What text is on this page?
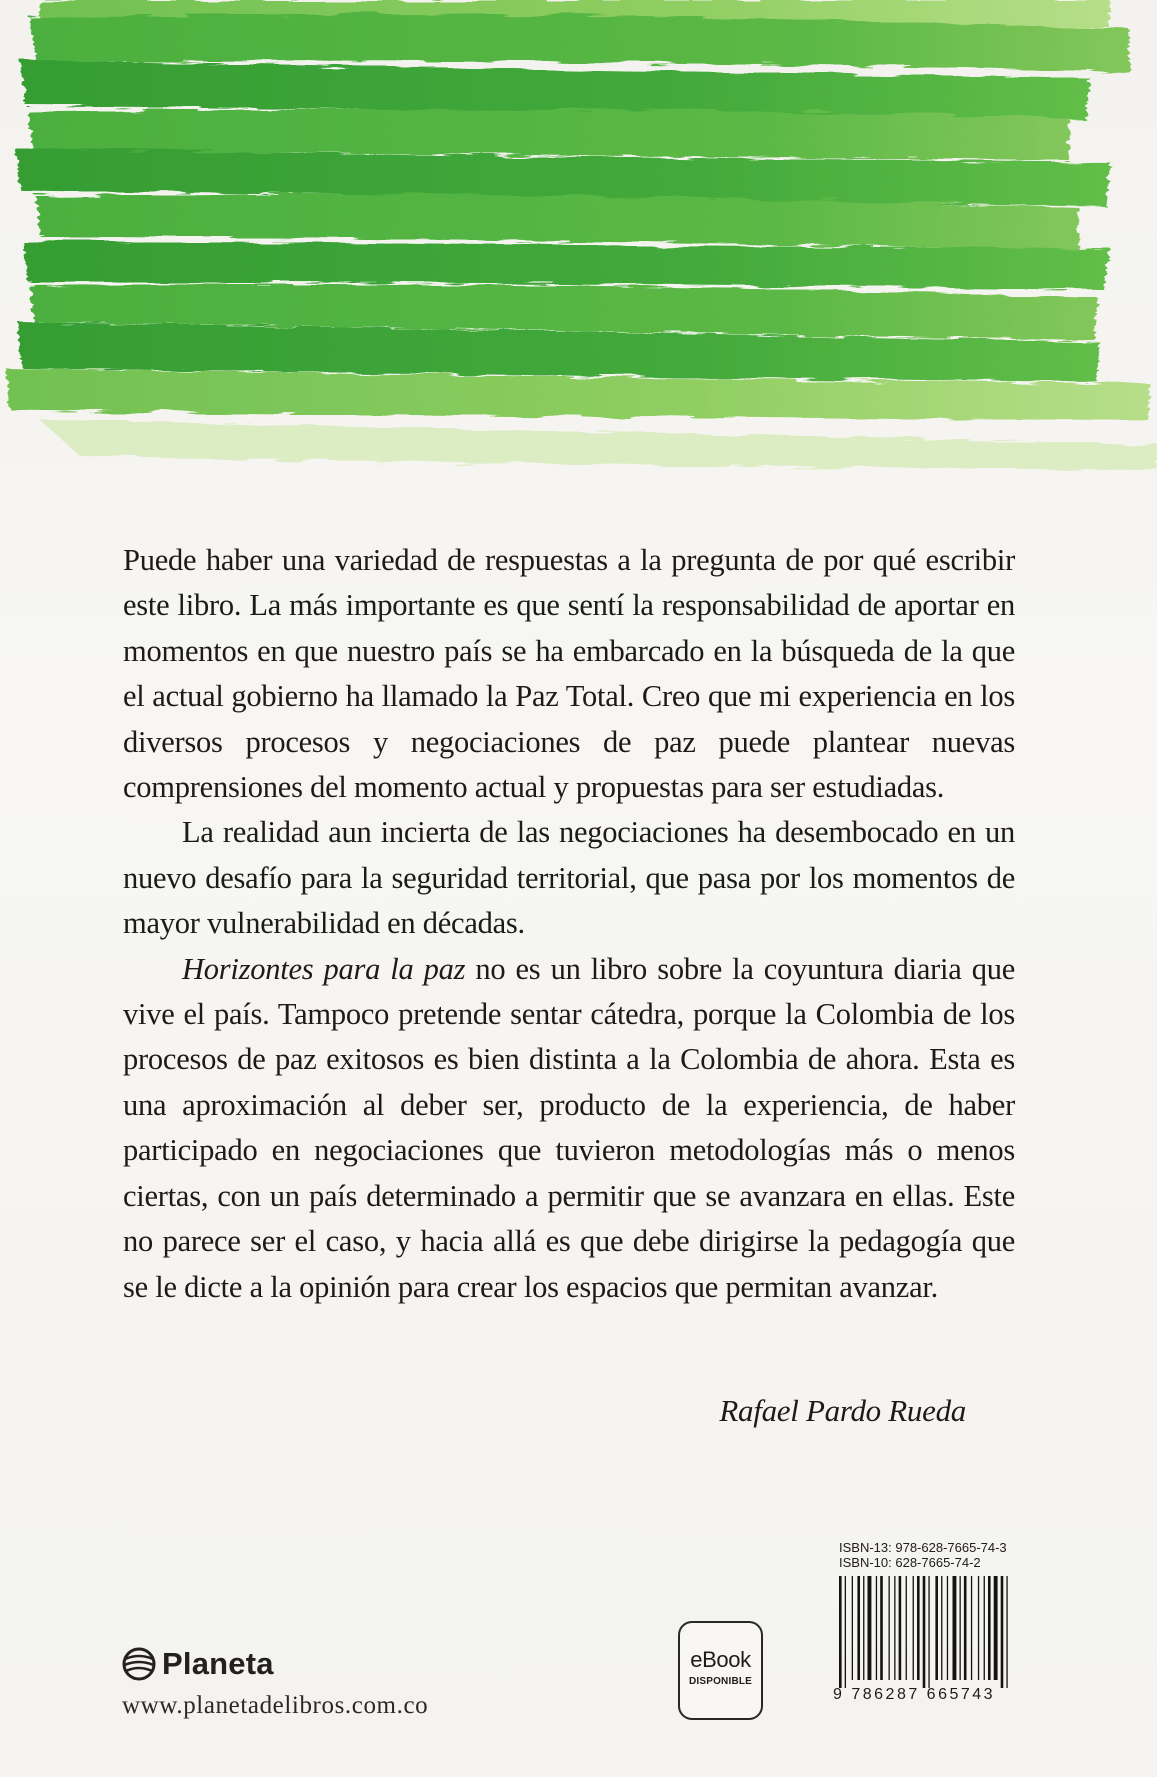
Puede haber una variedad de respuestas a la pregunta de por qué escribir este libro. La más importante es que sentí la responsabilidad de aportar en momentos en que nuestro país se ha embarcado en la búsqueda de la que el actual gobierno ha llamado la Paz Total. Creo que mi experiencia en los diversos procesos y negociaciones de paz puede plantear nuevas comprensiones del momento actual y propuestas para ser estudiadas.

La realidad aun incierta de las negociaciones ha desembocado en un nuevo desafío para la seguridad territorial, que pasa por los momentos de mayor vulnerabilidad en décadas.

Horizontes para la paz no es un libro sobre la coyuntura diaria que vive el país. Tampoco pretende sentar cátedra, porque la Colombia de los procesos de paz exitosos es bien distinta a la Colombia de ahora. Esta es una aproximación al deber ser, producto de la experiencia, de haber participado en negociaciones que tuvieron metodologías más o menos ciertas, con un país determinado a permitir que se avanzara en ellas. Este no parece ser el caso, y hacia allá es que debe dirigirse la pedagogía que se le dicte a la opinión para crear los espacios que permitan avanzar.

Rafael Pardo Rueda
Planeta
www.planetadelibros.com.co
eBook
DISPONIBLE
ISBN-13: 978-628-7665-74-3
ISBN-10: 628-7665-74-2
9 786287 665743
